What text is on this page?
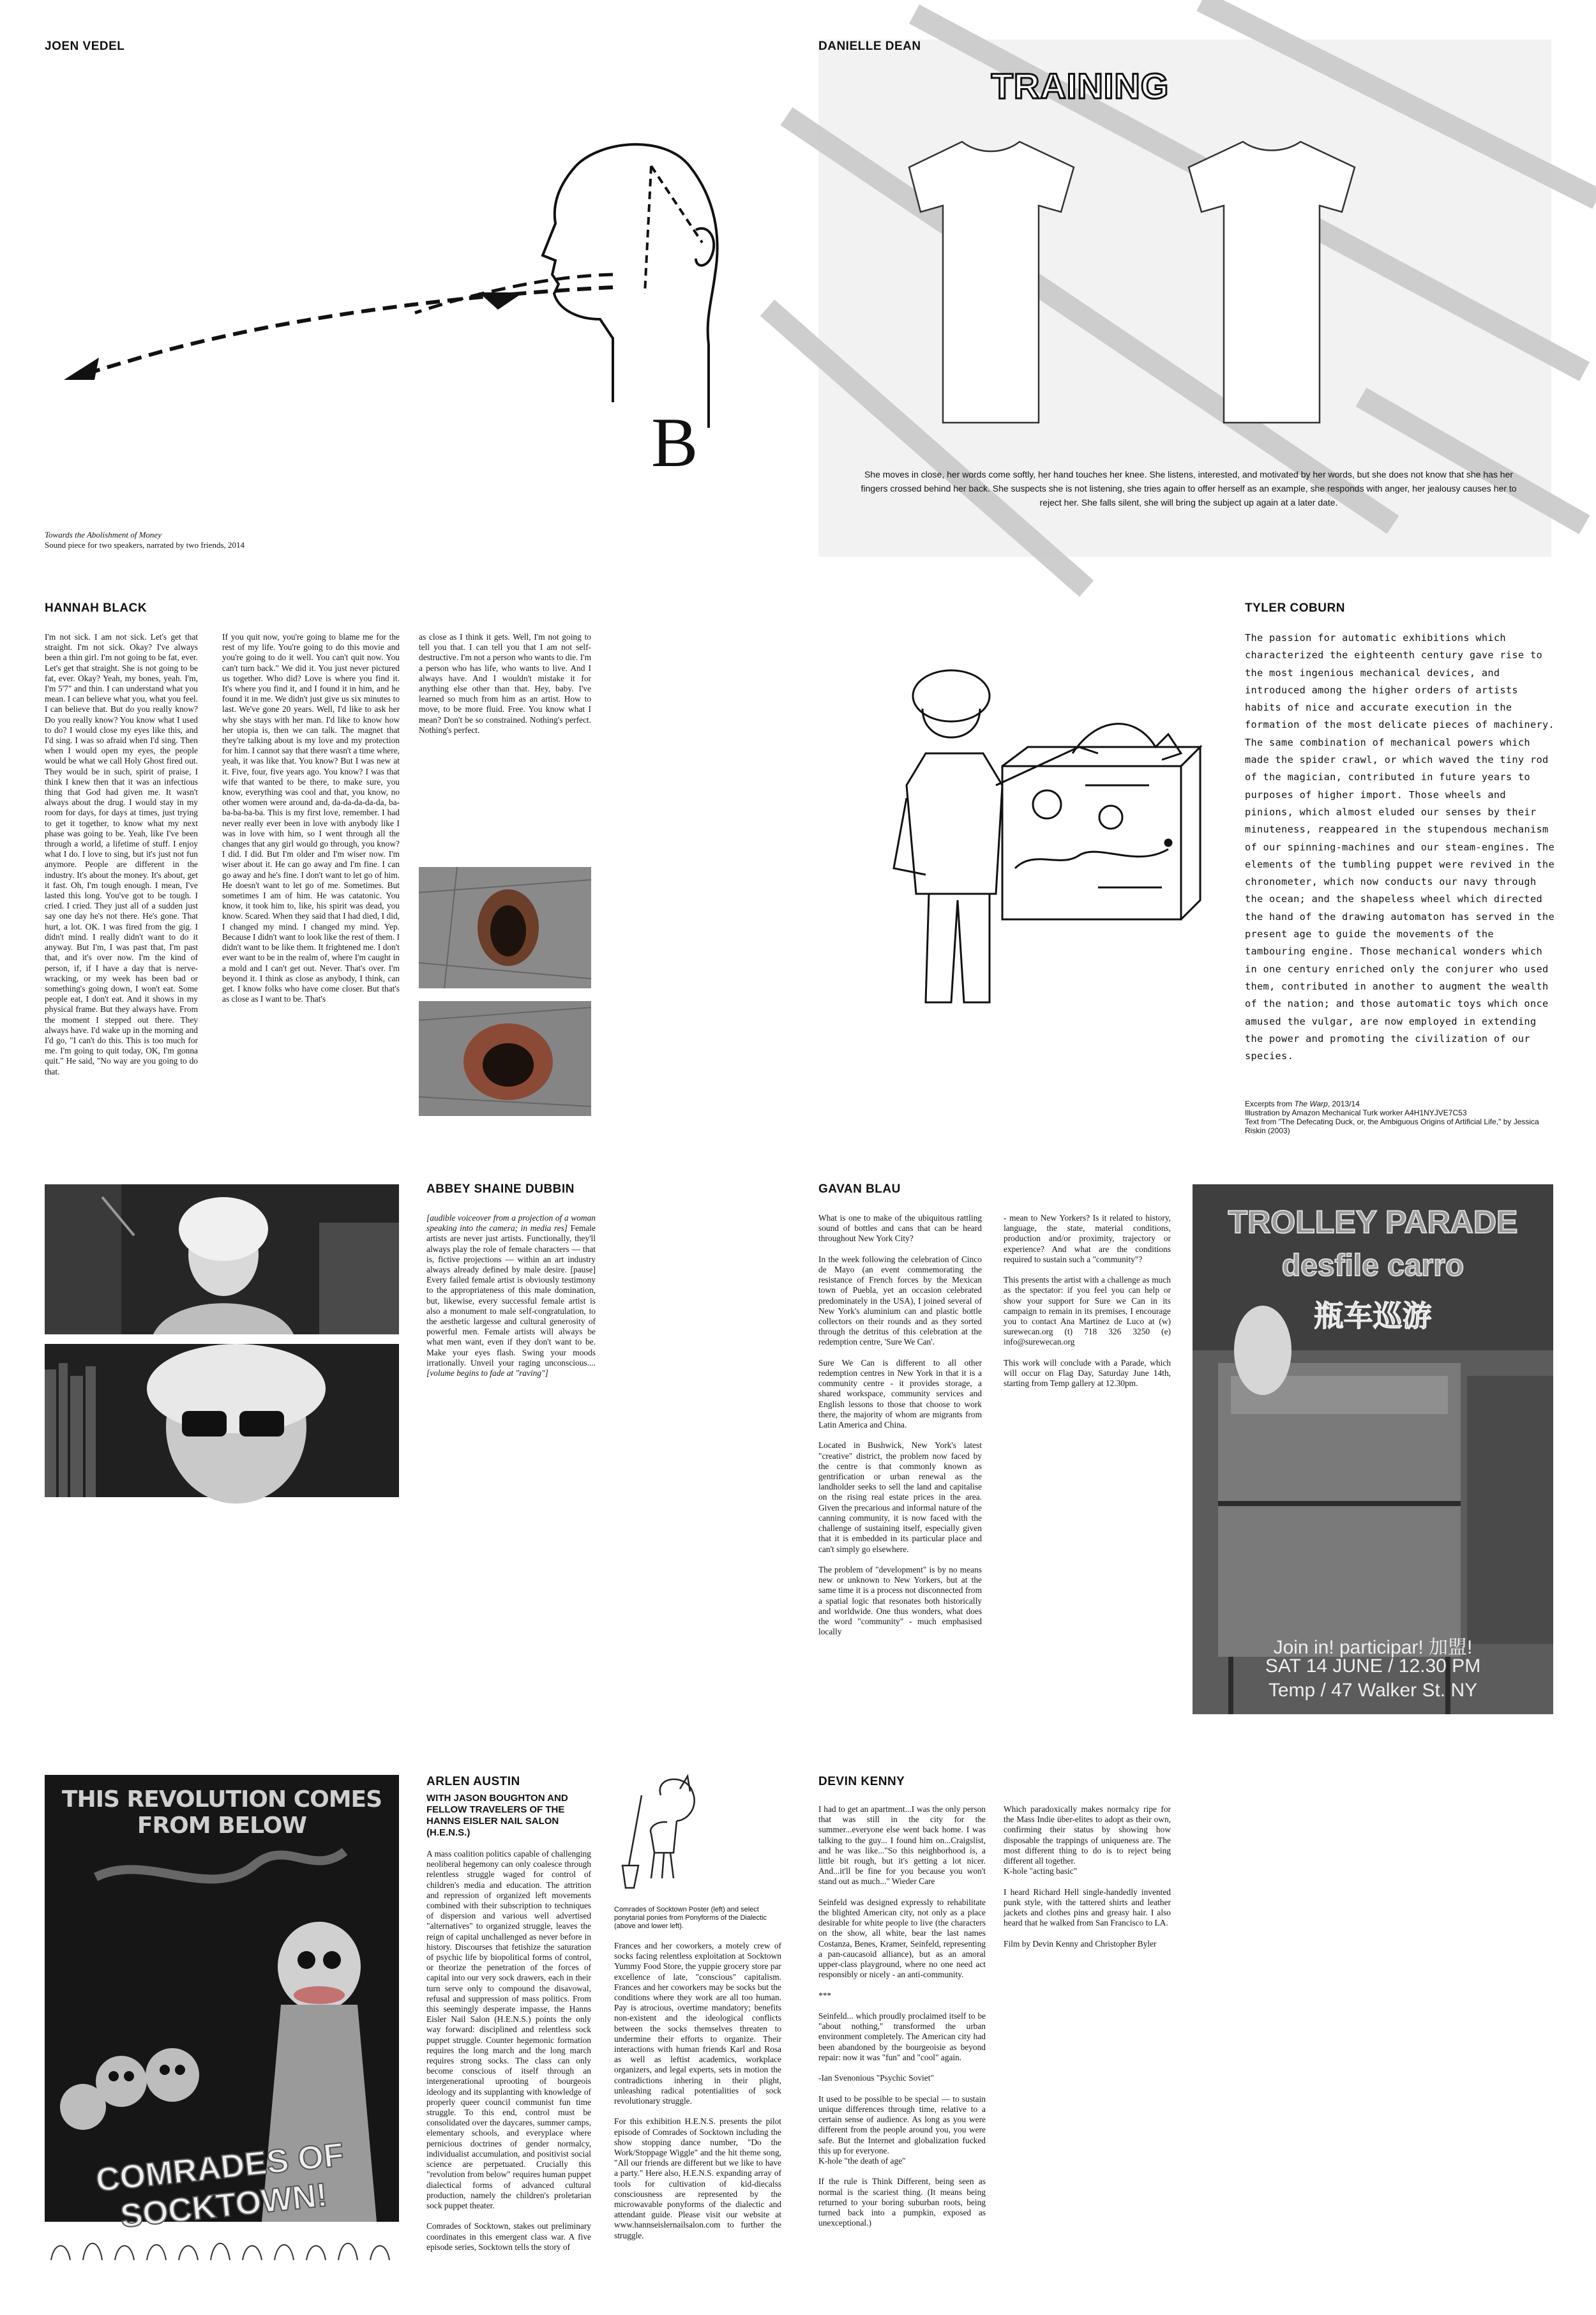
JOEN VEDEL
B
Towards the Abolishment of Money
Sound piece for two speakers, narrated by two friends, 2014
TRAINING
She moves in close, her words come softly, her hand touches her knee. She listens, interested, and motivated by her words, but she does not know that she has her fingers crossed behind her back. She suspects she is not listening, she tries again to offer herself as an example, she responds with anger, her jealousy causes her to reject her. She falls silent, she will bring the subject up again at a later date.
DANIELLE DEAN
HANNAH BLACK
I'm not sick. I am not sick. Let's get that straight. I'm not sick. Okay? I've always been a thin girl. I'm not going to be fat, ever. Let's get that straight. She is not going to be fat, ever. Okay? Yeah, my bones, yeah. I'm, I'm 5'7" and thin. I can understand what you mean. I can believe what you, what you feel. I can believe that. But do you really know? Do you really know? You know what I used to do? I would close my eyes like this, and I'd sing. I was so afraid when I'd sing. Then when I would open my eyes, the people would be what we call Holy Ghost fired out. They would be in such, spirit of praise, I think I knew then that it was an infectious thing that God had given me. It wasn't always about the drug. I would stay in my room for days, for days at times, just trying to get it together, to know what my next phase was going to be. Yeah, like I've been through a world, a lifetime of stuff. I enjoy what I do. I love to sing, but it's just not fun anymore. People are different in the industry. It's about the money. It's about, get it fast. Oh, I'm tough enough. I mean, I've lasted this long. You've got to be tough. I cried. I cried. They just all of a sudden just say one day he's not there. He's gone. That hurt, a lot. OK. I was fired from the gig. I didn't mind. I really didn't want to do it anyway. But I'm, I was past that, I'm past that, and it's over now. I'm the kind of person, if, if I have a day that is nerve-wracking, or my week has been bad or something's going down, I won't eat. Some people eat, I don't eat. And it shows in my physical frame. But they always have. From the moment I stepped out there. They always have. I'd wake up in the morning and I'd go, "I can't do this. This is too much for me. I'm going to quit today, OK, I'm gonna quit." He said, "No way are you going to do that.
If you quit now, you're going to blame me for the rest of my life. You're going to do this movie and you're going to do it well. You can't quit now. You can't turn back." We did it. You just never pictured us together. Who did? Love is where you find it. It's where you find it, and I found it in him, and he found it in me. We didn't just give us six minutes to last. We've gone 20 years. Well, I'd like to ask her why she stays with her man. I'd like to know how her utopia is, then we can talk. The magnet that they're talking about is my love and my protection for him. I cannot say that there wasn't a time where, yeah, it was like that. You know? But I was new at it. Five, four, five years ago. You know? I was that wife that wanted to be there, to make sure, you know, everything was cool and that, you know, no other women were around and, da-da-da-da-da, ba-ba-ba-ba-ba. This is my first love, remember. I had never really ever been in love with anybody like I was in love with him, so I went through all the changes that any girl would go through, you know? I did. I did. But I'm older and I'm wiser now. I'm wiser about it. He can go away and I'm fine. I can go away and he's fine. I don't want to let go of him. He doesn't want to let go of me. Sometimes. But sometimes I am of him. He was catatonic. You know, it took him to, like, his spirit was dead, you know. Scared. When they said that I had died, I did, I changed my mind. I changed my mind. Yep. Because I didn't want to look like the rest of them. I didn't want to be like them. It frightened me. I don't ever want to be in the realm of, where I'm caught in a mold and I can't get out. Never. That's over. I'm beyond it. I think as close as anybody, I think, can get. I know folks who have come closer. But that's as close as I want to be. That's
as close as I think it gets. Well, I'm not going to tell you that. I can tell you that I am not self-destructive. I'm not a person who wants to die. I'm a person who has life, who wants to live. And I always have. And I wouldn't mistake it for anything else other than that. Hey, baby. I've learned so much from him as an artist. How to move, to be more fluid. Free. You know what I mean? Don't be so constrained. Nothing's perfect. Nothing's perfect.
TYLER COBURN
The passion for automatic exhibitions which characterized the eighteenth century gave rise to the most ingenious mechanical devices, and introduced among the higher orders of artists habits of nice and accurate execution in the formation of the most delicate pieces of machinery. The same combination of mechanical powers which made the spider crawl, or which waved the tiny rod of the magician, contributed in future years to purposes of higher import. Those wheels and pinions, which almost eluded our senses by their minuteness, reappeared in the stupendous mechanism of our spinning-machines and our steam-engines. The elements of the tumbling puppet were revived in the chronometer, which now conducts our navy through the ocean; and the shapeless wheel which directed the hand of the drawing automaton has served in the present age to guide the movements of the tambouring engine. Those mechanical wonders which in one century enriched only the conjurer who used them, contributed in another to augment the wealth of the nation; and those automatic toys which once amused the vulgar, are now employed in extending the power and promoting the civilization of our species.
Excerpts from The Warp, 2013/14
Illustration by Amazon Mechanical Turk worker A4H1NYJVE7C53
Text from "The Defecating Duck, or, the Ambiguous Origins of Artificial Life," by Jessica Riskin (2003)
ABBEY SHAINE DUBBIN
[audible voiceover from a projection of a woman speaking into the camera; in media res] Female artists are never just artists. Functionally, they'll always play the role of female characters — that is, fictive projections — within an art industry always already defined by male desire. [pause] Every failed female artist is obviously testimony to the appropriateness of this male domination, but, likewise, every successful female artist is also a monument to male self-congratulation, to the aesthetic largesse and cultural generosity of powerful men. Female artists will always be what men want, even if they don't want to be. Make your eyes flash. Swing your moods irrationally. Unveil your raging unconscious.... [volume begins to fade at "raving"]
GAVAN BLAU
What is one to make of the ubiquitous rattling sound of bottles and cans that can be heard throughout New York City?

In the week following the celebration of Cinco de Mayo (an event commemorating the resistance of French forces by the Mexican town of Puebla, yet an occasion celebrated predominately in the USA), I joined several of New York's aluminium can and plastic bottle collectors on their rounds and as they sorted through the detritus of this celebration at the redemption centre, 'Sure We Can'.

Sure We Can is different to all other redemption centres in New York in that it is a community centre - it provides storage, a shared workspace, community services and English lessons to those that choose to work there, the majority of whom are migrants from Latin America and China.

Located in Bushwick, New York's latest "creative" district, the problem now faced by the centre is that commonly known as gentrification or urban renewal as the landholder seeks to sell the land and capitalise on the rising real estate prices in the area. Given the precarious and informal nature of the canning community, it is now faced with the challenge of sustaining itself, especially given that it is embedded in its particular place and can't simply go elsewhere.

The problem of "development" is by no means new or unknown to New Yorkers, but at the same time it is a process not disconnected from a spatial logic that resonates both historically and worldwide. One thus wonders, what does the word "community" - much emphasised locally
- mean to New Yorkers? Is it related to history, language, the state, material conditions, production and/or proximity, trajectory or experience? And what are the conditions required to sustain such a "community"?

This presents the artist with a challenge as much as the spectator: if you feel you can help or show your support for Sure we Can in its campaign to remain in its premises, I encourage you to contact Ana Martinez de Luco at (w) surewecan.org (t) 718 326 3250 (e) info@surewecan.org

This work will conclude with a Parade, which will occur on Flag Day, Saturday June 14th, starting from Temp gallery at 12.30pm.
TROLLEY PARADE
desfile carro
瓶车巡游
Join in! participar! 加盟!
SAT 14 JUNE / 12.30 PM
Temp / 47 Walker St. NY
THIS REVOLUTION COMES FROM BELOW
COMRADES OF SOCKTOWN!
ARLEN AUSTIN
WITH JASON BOUGHTON AND FELLOW TRAVELERS OF THE HANNS EISLER NAIL SALON (H.E.N.S.)
A mass coalition politics capable of challenging neoliberal hegemony can only coalesce through relentless struggle waged for control of children's media and education. The attrition and repression of organized left movements combined with their subscription to techniques of dispersion and various well advertised "alternatives" to organized struggle, leaves the reign of capital unchallenged as never before in history. Discourses that fetishize the saturation of psychic life by biopolitical forms of control, or theorize the penetration of the forces of capital into our very sock drawers, each in their turn serve only to compound the disavowal, refusal and suppression of mass politics. From this seemingly desperate impasse, the Hanns Eisler Nail Salon (H.E.N.S.) points the only way forward: disciplined and relentless sock puppet struggle. Counter hegemonic formation requires the long march and the long march requires strong socks. The class can only become conscious of itself through an intergenerational uprooting of bourgeois ideology and its supplanting with knowledge of properly queer council communist fun time struggle. To this end, control must be consolidated over the daycares, summer camps, elementary schools, and everyplace where pernicious doctrines of gender normalcy, individualist accumulation, and positivist social science are perpetuated. Crucially this "revolution from below" requires human puppet dialectical forms of advanced cultural production, namely the children's proletarian sock puppet theater.

Comrades of Socktown, stakes out preliminary coordinates in this emergent class war. A five episode series, Socktown tells the story of
Comrades of Socktown Poster (left) and select ponytarial ponies from Ponyforms of the Dialectic (above and lower left).
Frances and her coworkers, a motely crew of socks facing relentless exploitation at Socktown Yummy Food Store, the yuppie grocery store par excellence of late, "conscious" capitalism. Frances and her coworkers may be socks but the conditions where they work are all too human. Pay is atrocious, overtime mandatory; benefits non-existent and the ideological conflicts between the socks themselves threaten to undermine their efforts to organize. Their interactions with human friends Karl and Rosa as well as leftist academics, workplace organizers, and legal experts, sets in motion the contradictions inhering in their plight, unleashing radical potentialities of sock revolutionary struggle.

For this exhibition H.E.N.S. presents the pilot episode of Comrades of Socktown including the show stopping dance number, "Do the Work/Stoppage Wiggle" and the hit theme song, "All our friends are different but we like to have a party." Here also, H.E.N.S. expanding array of tools for cultivation of kid-diecalss consciousness are represented by the microwavable ponyforms of the dialectic and attendant guide. Please visit our website at www.hannseislernailsalon.com to further the struggle.
DEVIN KENNY
I had to get an apartment...I was the only person that was still in the city for the summer...everyone else went back home. I was talking to the guy... I found him on...Craigslist, and he was like..."So this neighborhood is, a little bit rough, but it's getting a lot nicer. And...it'll be fine for you because you won't stand out as much..." Wieder Care

Seinfeld was designed expressly to rehabilitate the blighted American city, not only as a place desirable for white people to live (the characters on the show, all white, bear the last names Costanza, Benes, Kramer, Seinfeld, representing a pan-caucasoid alliance), but as an amoral upper-class playground, where no one need act responsibly or nicely - an anti-community.

***

Seinfeld... which proudly proclaimed itself to be "about nothing," transformed the urban environment completely. The American city had been abandoned by the bourgeoisie as beyond repair: now it was "fun" and "cool" again.

-Ian Svenonious "Psychic Soviet"

It used to be possible to be special — to sustain unique differences through time, relative to a certain sense of audience. As long as you were different from the people around you, you were safe. But the Internet and globalization fucked this up for everyone.
K-hole "the death of age"

If the rule is Think Different, being seen as normal is the scariest thing. (It means being returned to your boring suburban roots, being turned back into a pumpkin, exposed as unexceptional.)
Which paradoxically makes normalcy ripe for the Mass Indie über-elites to adopt as their own, confirming their status by showing how disposable the trappings of uniqueness are. The most different thing to do is to reject being different all together.
K-hole "acting basic"

I heard Richard Hell single-handedly invented punk style, with the tattered shirts and leather jackets and clothes pins and greasy hair. I also heard that he walked from San Francisco to LA.

Film by Devin Kenny and Christopher Byler
